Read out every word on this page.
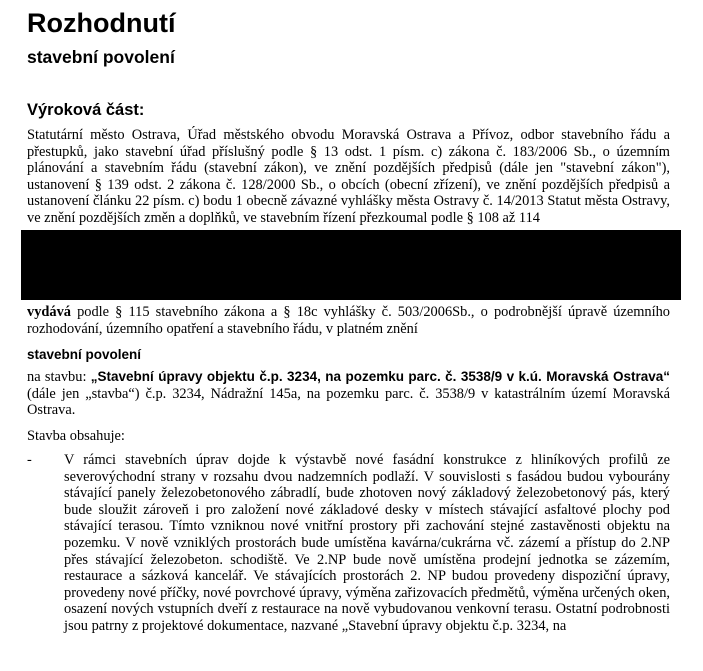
Rozhodnutí
stavební povolení
Výroková část:
Statutární město Ostrava, Úřad městského obvodu Moravská Ostrava a Přívoz, odbor stavebního řádu a přestupků, jako stavební úřad příslušný podle § 13 odst. 1 písm. c) zákona č. 183/2006 Sb., o územním plánování a stavebním řádu (stavební zákon), ve znění pozdějších předpisů (dále jen "stavební zákon"), ustanovení § 139 odst. 2 zákona č. 128/2000 Sb., o obcích (obecní zřízení), ve znění pozdějších předpisů a ustanovení článku 22 písm. c) bodu 1 obecně závazné vyhlášky města Ostravy č. 14/2013 Statut města Ostravy, ve znění pozdějších změn a doplňků, ve stavebním řízení přezkoumal podle § 108 až 114
vydává podle § 115 stavebního zákona a § 18c vyhlášky č. 503/2006Sb., o podrobnější úpravě územního rozhodování, územního opatření a stavebního řádu, v platném znění
stavební povolení
na stavbu: „Stavební úpravy objektu č.p. 3234, na pozemku parc. č. 3538/9 v k.ú. Moravská Ostrava“ (dále jen „stavba“) č.p. 3234, Nádražní 145a, na pozemku parc. č. 3538/9 v katastrálním území Moravská Ostrava.
Stavba obsahuje:
- V rámci stavebních úprav dojde k výstavbě nové fasádní konstrukce z hliníkových profilů ze severovýchodní strany v rozsahu dvou nadzemních podlaží. V souvislosti s fasádou budou vybourány stávající panely železobetonového zábradlí, bude zhotoven nový základový železobetonový pás, který bude sloužit zároveň i pro založení nové základové desky v místech stávající asfaltové plochy pod stávající terasou. Tímto vzniknou nové vnitřní prostory při zachování stejné zastavěnosti objektu na pozemku. V nově vzniklých prostorách bude umístěna kavárna/cukrárna vč. zázemí a přístup do 2.NP přes stávající železobeton. schodiště. Ve 2.NP bude nově umístěna prodejní jednotka se zázemím, restaurace a sázková kancelář. Ve stávajících prostorách 2. NP budou provedeny dispoziční úpravy, provedeny nové příčky, nové povrchové úpravy, výměna zařizovacích předmětů, výměna určených oken, osazení nových vstupních dveří z restaurace na nově vybudovanou venkovní terasu. Ostatní podrobnosti jsou patrny z projektové dokumentace, nazvané „Stavební úpravy objektu č.p. 3234, na
